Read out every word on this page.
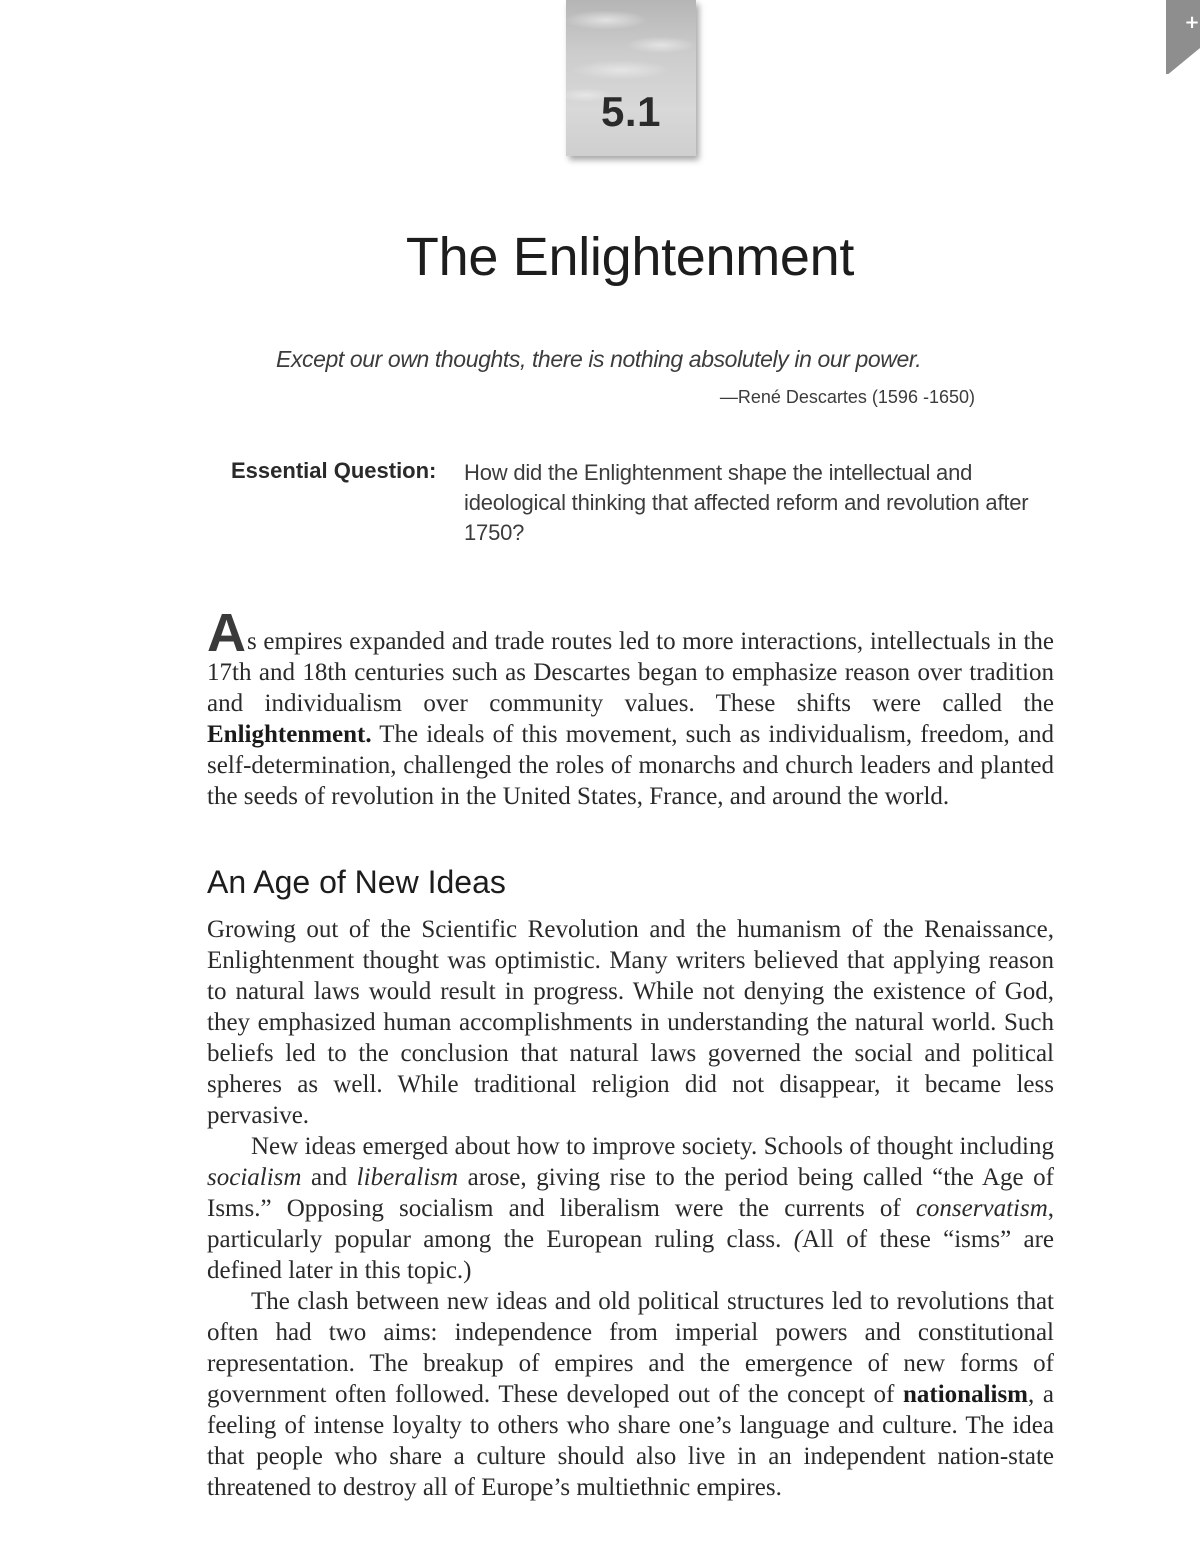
+
5.1
The Enlightenment
Except our own thoughts, there is nothing absolutely in our power.
—René Descartes (1596 -1650)
Essential Question: How did the Enlightenment shape the intellectual and ideological thinking that affected reform and revolution after 1750?

As empires expanded and trade routes led to more interactions, intellectuals in the 17th and 18th centuries such as Descartes began to emphasize reason over tradition and individualism over community values. These shifts were called the Enlightenment. The ideals of this movement, such as individualism, freedom, and self-determination, challenged the roles of monarchs and church leaders and planted the seeds of revolution in the United States, France, and around the world.

An Age of New Ideas

Growing out of the Scientific Revolution and the humanism of the Renaissance, Enlightenment thought was optimistic. Many writers believed that applying reason to natural laws would result in progress. While not denying the existence of God, they emphasized human accomplishments in understanding the natural world. Such beliefs led to the conclusion that natural laws governed the social and political spheres as well. While traditional religion did not disappear, it became less pervasive.

New ideas emerged about how to improve society. Schools of thought including socialism and liberalism arose, giving rise to the period being called “the Age of Isms.” Opposing socialism and liberalism were the currents of conservatism, particularly popular among the European ruling class. (All of these “isms” are defined later in this topic.)

The clash between new ideas and old political structures led to revolutions that often had two aims: independence from imperial powers and constitutional representation. The breakup of empires and the emergence of new forms of government often followed. These developed out of the concept of nationalism, a feeling of intense loyalty to others who share one’s language and culture. The idea that people who share a culture should also live in an independent nation-state threatened to destroy all of Europe’s multiethnic empires.
